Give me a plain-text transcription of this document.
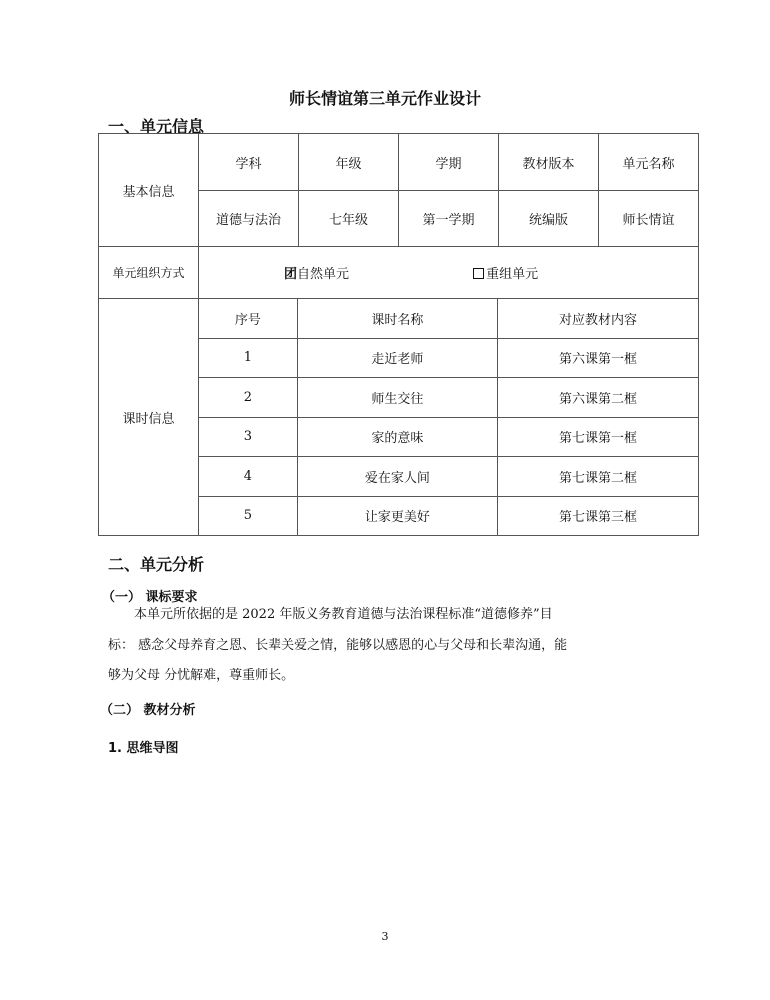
师长情谊第三单元作业设计
一、单元信息
基本信息	学科	年级	学期	教材版本	单元名称
道德与法治	七年级	第一学期	统编版	师长情谊
单元组织方式	团自然单元	重组单元
课时信息	
序号	课时名称	对应教材内容
1	走近老师	第六课第一框
2	师生交往	第六课第二框
3	家的意味	第七课第一框
4	爱在家人间	第七课第二框
5	让家更美好	第七课第三框
二、单元分析
（一） 课标要求
本单元所依据的是 2022 年版义务教育道德与法治课程标准“道德修养”目
标： 感念父母养育之恩、长辈关爱之情，能够以感恩的心与父母和长辈沟通，能
够为父母 分忧解难，尊重师长。
（二） 教材分析
1. 思维导图
3
